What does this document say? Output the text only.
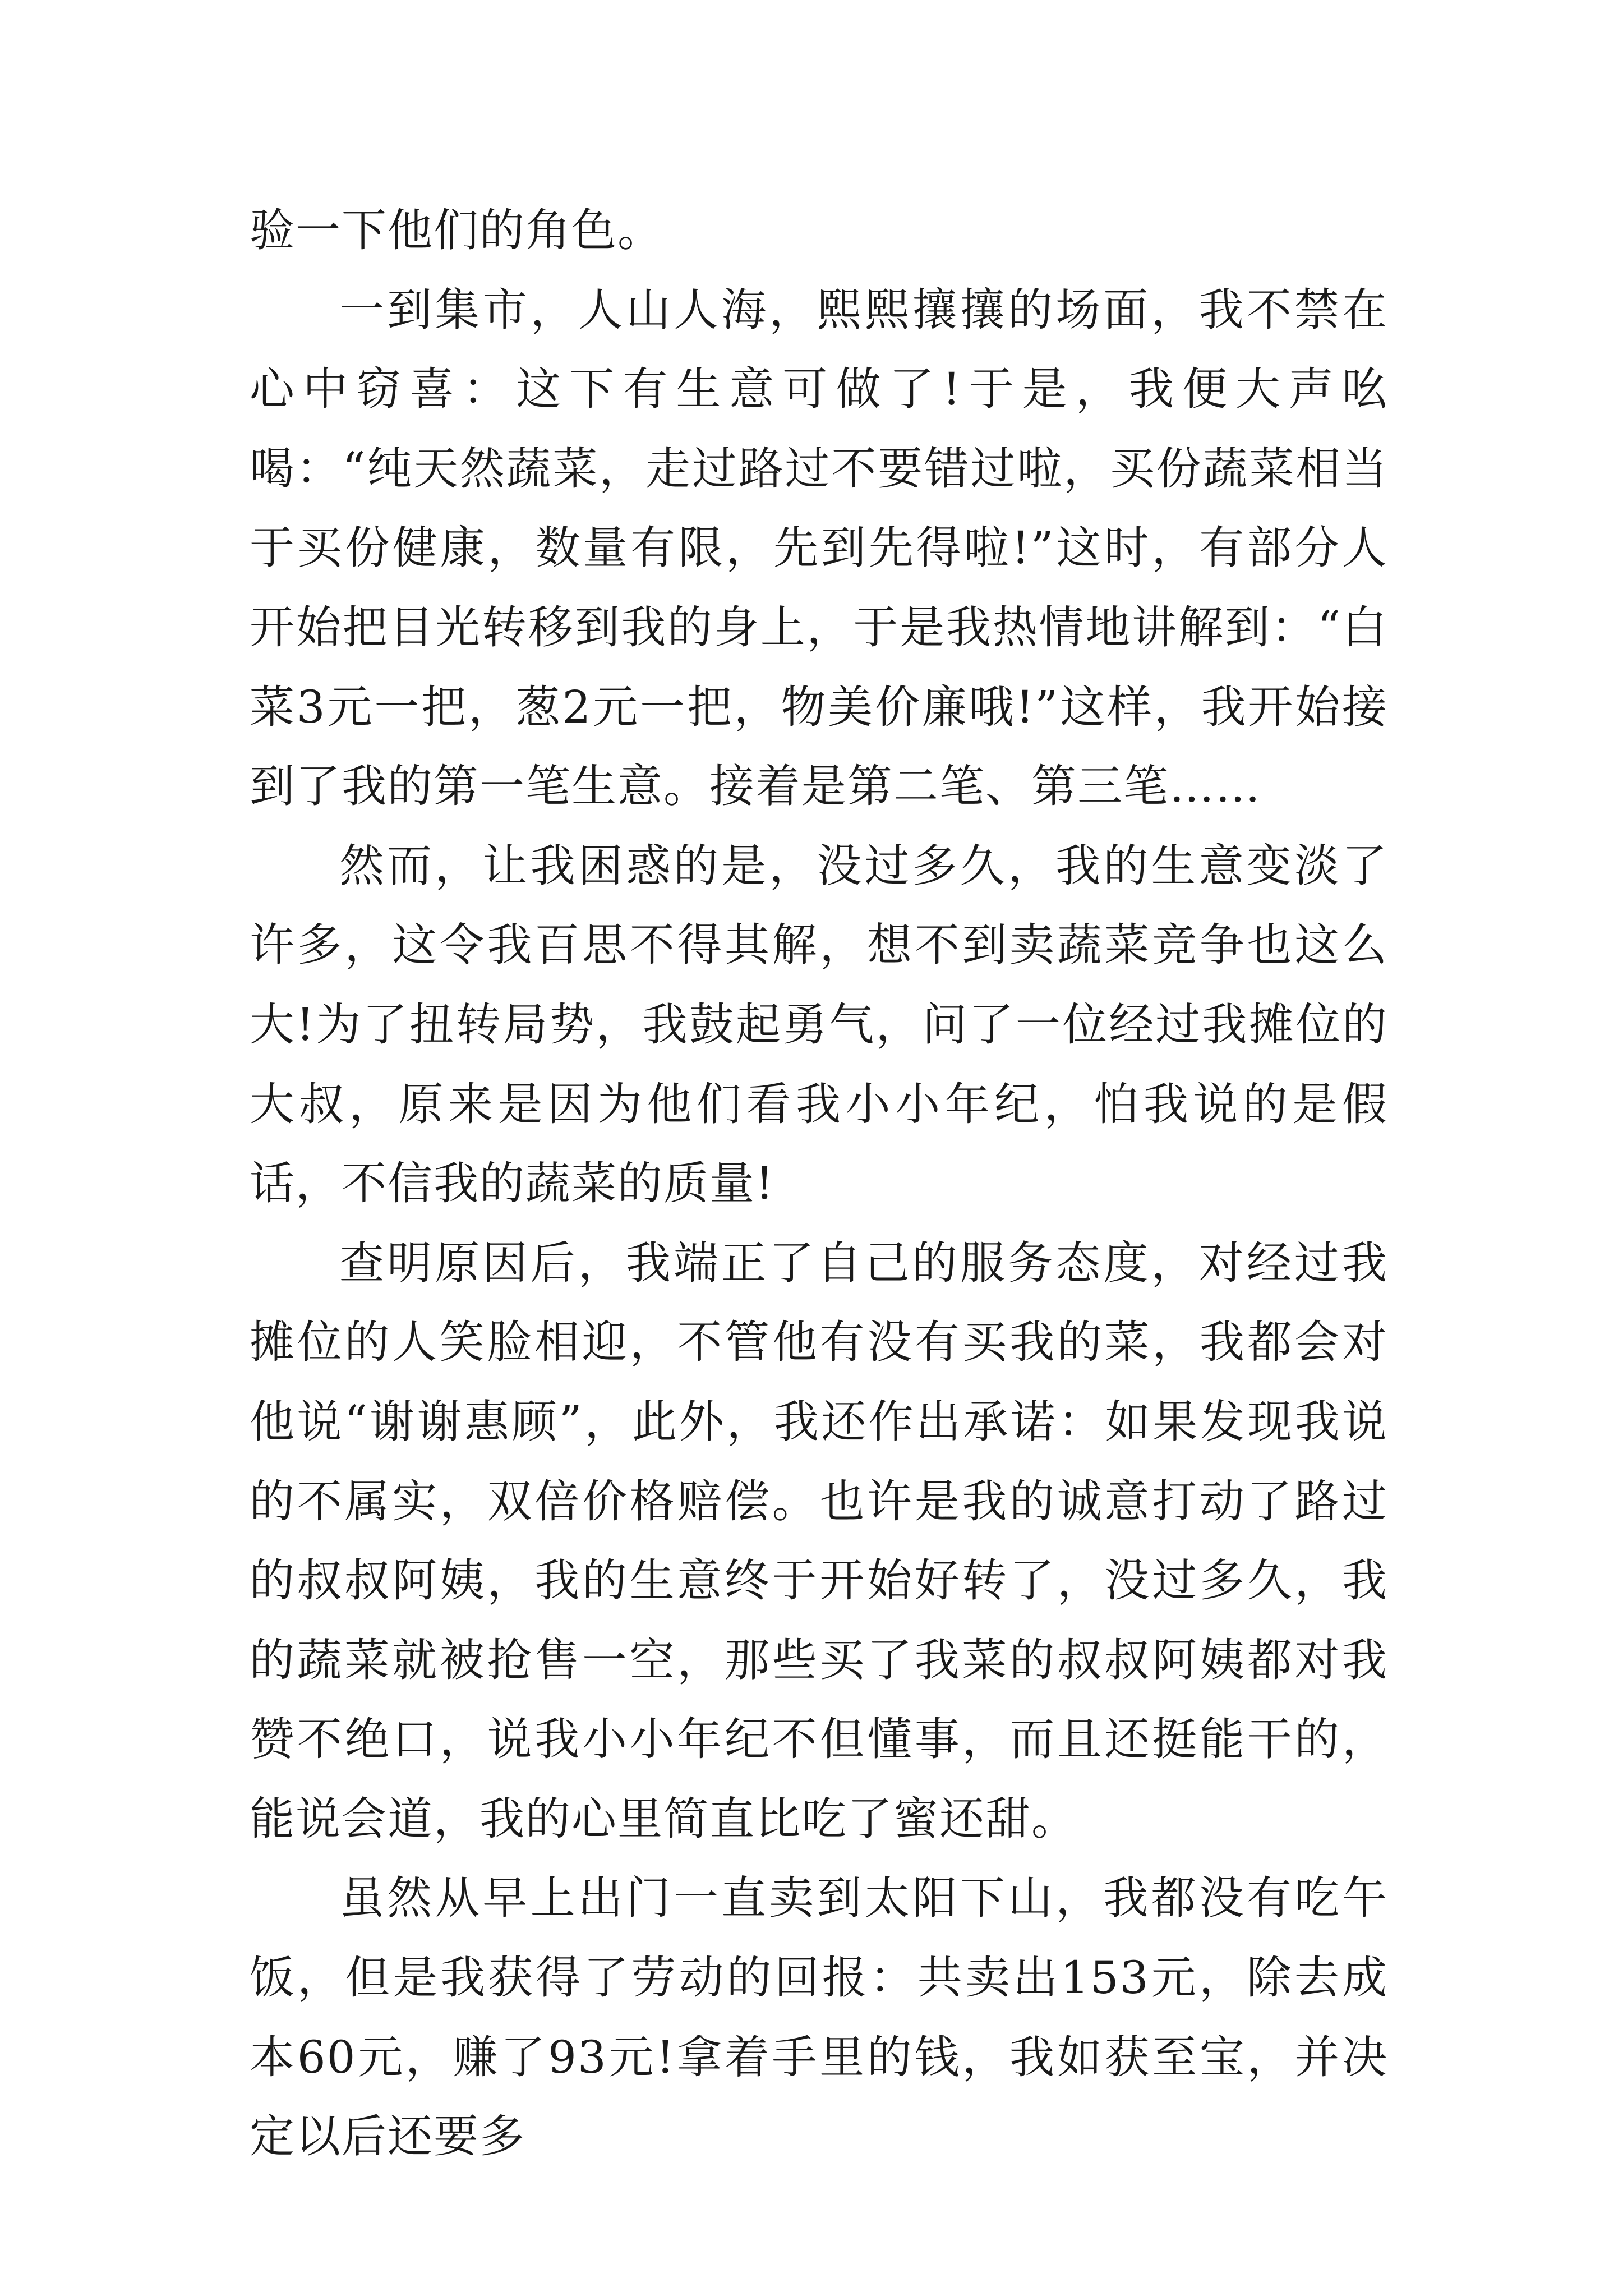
验一下他们的角色。

一到集市，人山人海，熙熙攘攘的场面，我不禁在心中窃喜：这下有生意可做了!于是，我便大声吆喝：“纯天然蔬菜，走过路过不要错过啦，买份蔬菜相当于买份健康，数量有限，先到先得啦!”这时，有部分人开始把目光转移到我的身上，于是我热情地讲解到：“白菜3元一把，葱2元一把，物美价廉哦!”这样，我开始接到了我的第一笔生意。接着是第二笔、第三笔……

然而，让我困惑的是，没过多久，我的生意变淡了许多，这令我百思不得其解，想不到卖蔬菜竞争也这么大!为了扭转局势，我鼓起勇气，问了一位经过我摊位的大叔，原来是因为他们看我小小年纪，怕我说的是假话，不信我的蔬菜的质量!

查明原因后，我端正了自己的服务态度，对经过我摊位的人笑脸相迎，不管他有没有买我的菜，我都会对他说“谢谢惠顾”，此外，我还作出承诺：如果发现我说的不属实，双倍价格赔偿。也许是我的诚意打动了路过的叔叔阿姨，我的生意终于开始好转了，没过多久，我的蔬菜就被抢售一空，那些买了我菜的叔叔阿姨都对我赞不绝口，说我小小年纪不但懂事，而且还挺能干的，能说会道，我的心里简直比吃了蜜还甜。

虽然从早上出门一直卖到太阳下山，我都没有吃午饭，但是我获得了劳动的回报：共卖出153元，除去成本60元，赚了93元!拿着手里的钱，我如获至宝，并决定以后还要多
